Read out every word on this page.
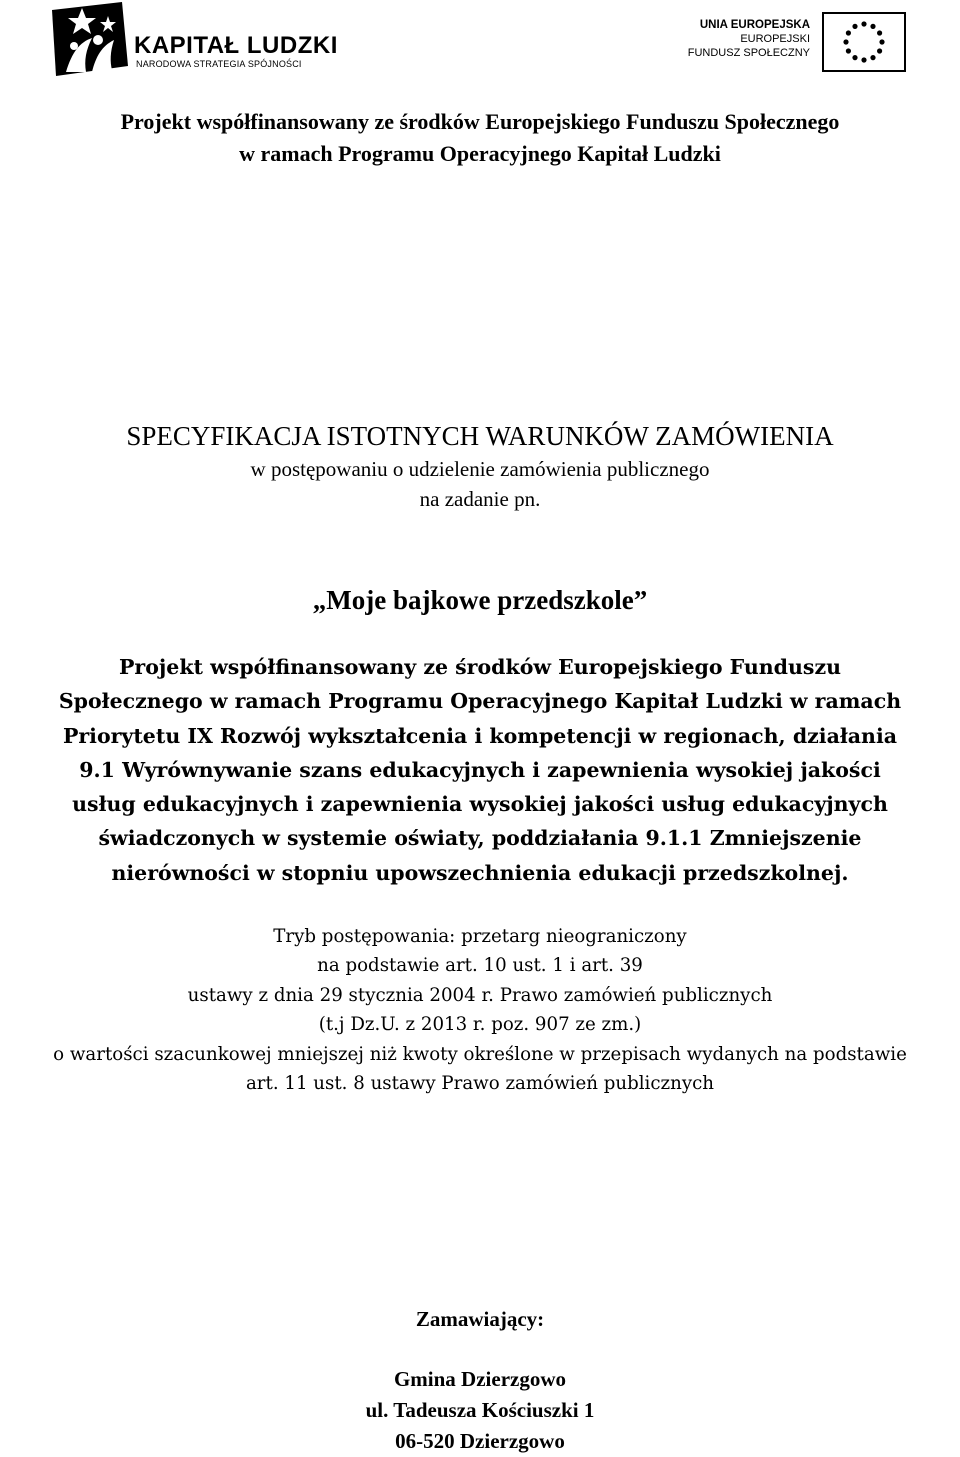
KAPITAŁ LUDZKI
NARODOWA STRATEGIA SPÓJNOŚCI
UNIA EUROPEJSKA
EUROPEJSKI
FUNDUSZ SPOŁECZNY
Projekt współfinansowany ze środków Europejskiego Funduszu Społecznego
w ramach Programu Operacyjnego Kapitał Ludzki
SPECYFIKACJA ISTOTNYCH WARUNKÓW ZAMÓWIENIA
w postępowaniu o udzielenie zamówienia publicznego
na zadanie pn.
„Moje bajkowe przedszkole”
Projekt współfinansowany ze środków Europejskiego Funduszu
Społecznego w ramach Programu Operacyjnego Kapitał Ludzki w ramach
Priorytetu IX Rozwój wykształcenia i kompetencji w regionach, działania
9.1 Wyrównywanie szans edukacyjnych i zapewnienia wysokiej jakości
usług edukacyjnych i zapewnienia wysokiej jakości usług edukacyjnych
świadczonych w systemie oświaty, poddziałania 9.1.1 Zmniejszenie
nierówności w stopniu upowszechnienia edukacji przedszkolnej.
Tryb postępowania: przetarg nieograniczony
na podstawie art. 10 ust. 1 i art. 39
ustawy z dnia 29 stycznia 2004 r. Prawo zamówień publicznych
(t.j Dz.U. z 2013 r. poz. 907 ze zm.)
o wartości szacunkowej mniejszej niż kwoty określone w przepisach wydanych na podstawie
art. 11 ust. 8 ustawy Prawo zamówień publicznych
Zamawiający:
Gmina Dzierzgowo
ul. Tadeusza Kościuszki 1
06-520 Dzierzgowo
